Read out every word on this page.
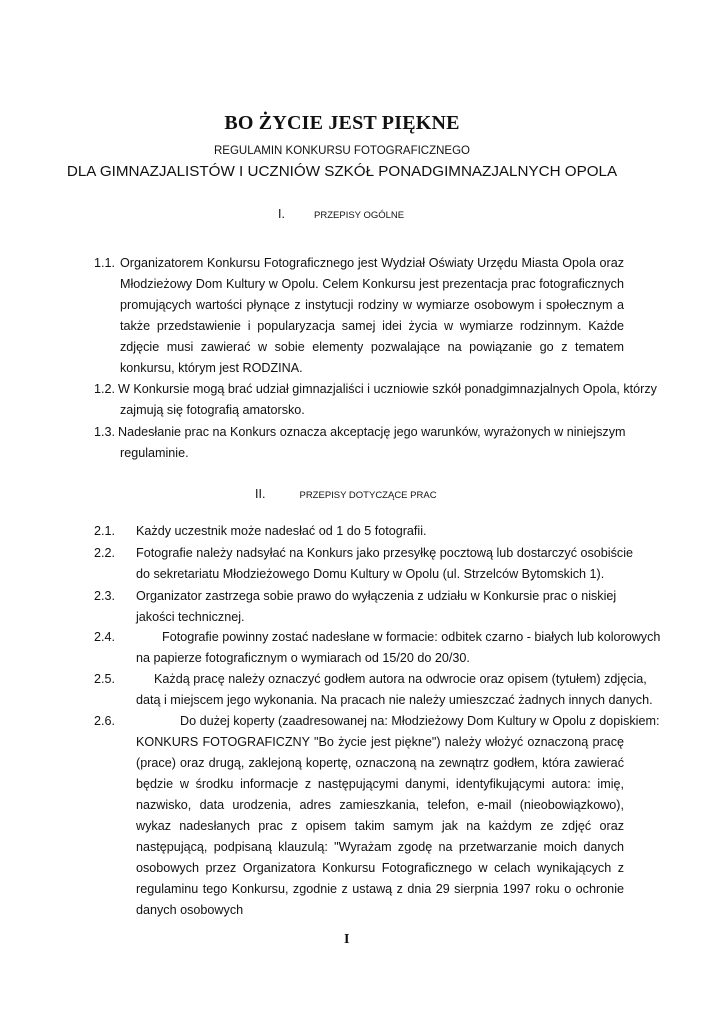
BO ŻYCIE JEST PIĘKNE
REGULAMIN KONKURSU FOTOGRAFICZNEGO
DLA GIMNAZJALISTÓW I UCZNIÓW SZKÓŁ PONADGIMNAZJALNYCH OPOLA
I.	PRZEPISY OGÓLNE
1.1. Organizatorem Konkursu Fotograficznego jest Wydział Oświaty Urzędu Miasta Opola oraz Młodzieżowy Dom Kultury w Opolu. Celem Konkursu jest prezentacja prac fotograficznych promujących wartości płynące z instytucji rodziny w wymiarze osobowym i społecznym a także przedstawienie i popularyzacja samej idei życia w wymiarze rodzinnym. Każde zdjęcie musi zawierać w sobie elementy pozwalające na powiązanie go z tematem konkursu, którym jest RODZINA.
1.2. W Konkursie mogą brać udział gimnazjaliści i uczniowie szkół ponadgimnazjalnych Opola, którzy
zajmują się fotografią amatorsko.
1.3. Nadesłanie prac na Konkurs oznacza akceptację jego warunków, wyrażonych w niniejszym
regulaminie.
II.	PRZEPISY DOTYCZĄCE PRAC
2.1. Każdy uczestnik może nadesłać od 1 do 5 fotografii.
2.2. Fotografie należy nadsyłać na Konkurs jako przesyłkę pocztową lub dostarczyć osobiście
do sekretariatu Młodzieżowego Domu Kultury w Opolu (ul. Strzelców Bytomskich 1).
2.3. Organizator zastrzega sobie prawo do wyłączenia z udziału w Konkursie prac o niskiej
jakości technicznej.
2.4.	Fotografie powinny zostać nadesłane w formacie: odbitek czarno - białych lub kolorowych
na papierze fotograficznym o wymiarach od 15/20 do 20/30.
2.5.	Każdą pracę należy oznaczyć godłem autora na odwrocie oraz opisem (tytułem) zdjęcia,
datą i miejscem jego wykonania. Na pracach nie należy umieszczać żadnych innych danych.
2.6.	Do dużej koperty (zaadresowanej na: Młodzieżowy Dom Kultury w Opolu z dopiskiem:
KONKURS FOTOGRAFICZNY "Bo życie jest piękne") należy włożyć oznaczoną pracę (prace) oraz drugą, zaklejoną kopertę, oznaczoną na zewnątrz godłem, która zawierać będzie w środku informacje z następującymi danymi, identyfikującymi autora: imię, nazwisko, data urodzenia, adres zamieszkania, telefon, e-mail (nieobowiązkowo), wykaz nadesłanych prac z opisem takim samym jak na każdym ze zdjęć oraz następującą, podpisaną klauzulą: "Wyrażam zgodę na przetwarzanie moich danych osobowych przez Organizatora Konkursu Fotograficznego w celach wynikających z regulaminu tego Konkursu, zgodnie z ustawą z dnia 29 sierpnia 1997 roku o ochronie danych osobowych
I
